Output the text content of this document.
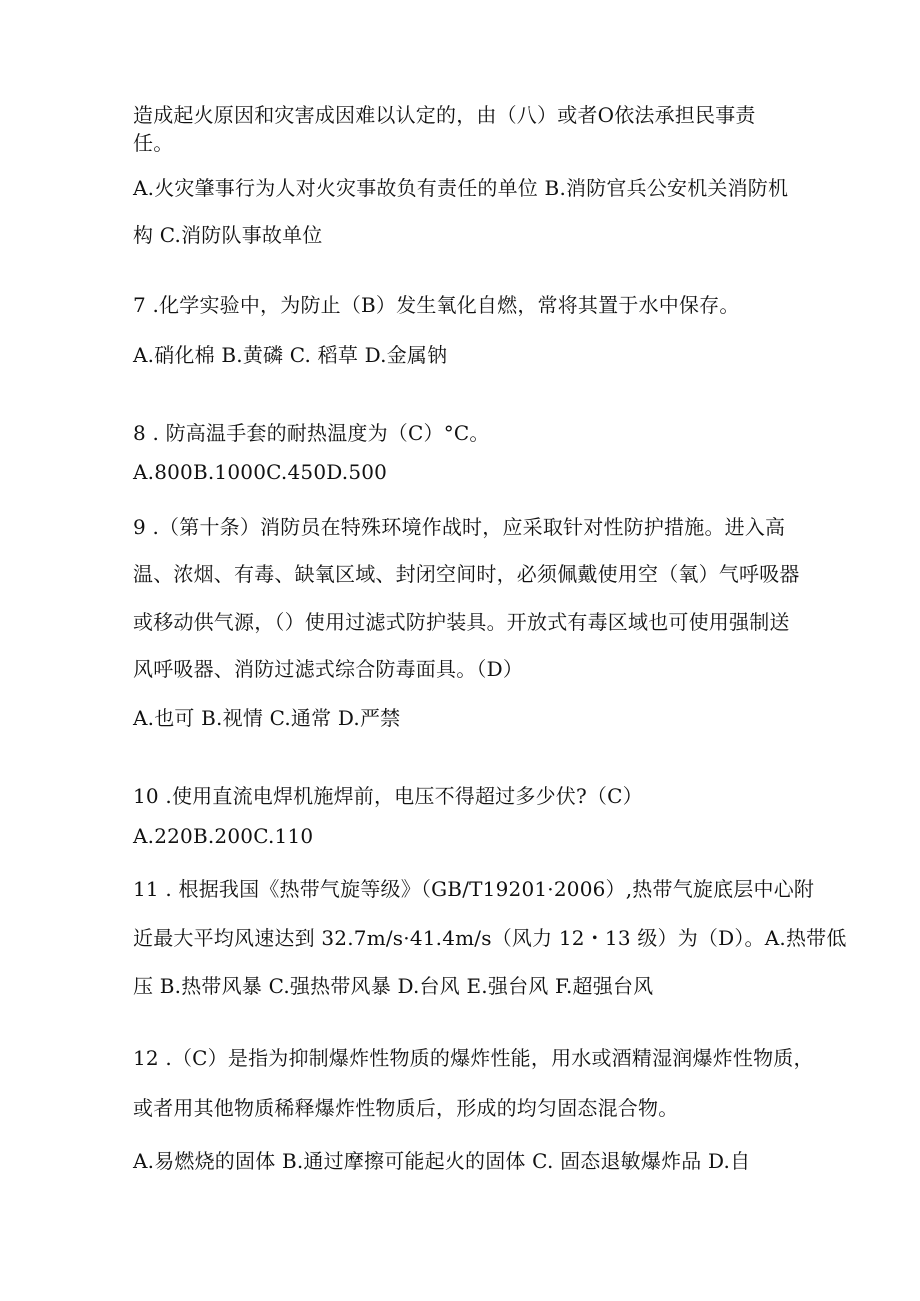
造成起火原因和灾害成因难以认定的，由（八）或者O依法承担民事责
任。
A.火灾肇事行为人对火灾事故负有责任的单位 B.消防官兵公安机关消防机
构 C.消防队事故单位
7 .化学实验中，为防止（B）发生氧化自燃，常将其置于水中保存。
A.硝化棉 B.黄磷 C. 稻草 D.金属钠
8 . 防高温手套的耐热温度为（C）°C。
A.800B.1000C.450D.500
9 .（第十条）消防员在特殊环境作战时，应采取针对性防护措施。进入高
温、浓烟、有毒、缺氧区域、封闭空间时，必须佩戴使用空（氧）气呼吸器
或移动供气源，（）使用过滤式防护装具。开放式有毒区域也可使用强制送
风呼吸器、消防过滤式综合防毒面具。（D）
A.也可 B.视情 C.通常 D.严禁
10 .使用直流电焊机施焊前，电压不得超过多少伏?（C）
A.220B.200C.110
11 . 根据我国《热带气旋等级》（GB/T19201·2006）,热带气旋底层中心附
近最大平均风速达到 32.7m/s·41.4m/s（风力 12・13 级）为（D）。A.热带低
压 B.热带风暴 C.强热带风暴 D.台风 E.强台风 F.超强台风
12 .（C）是指为抑制爆炸性物质的爆炸性能，用水或酒精湿润爆炸性物质，
或者用其他物质稀释爆炸性物质后，形成的均匀固态混合物。
A.易燃烧的固体 B.通过摩擦可能起火的固体 C. 固态退敏爆炸品 D.自
